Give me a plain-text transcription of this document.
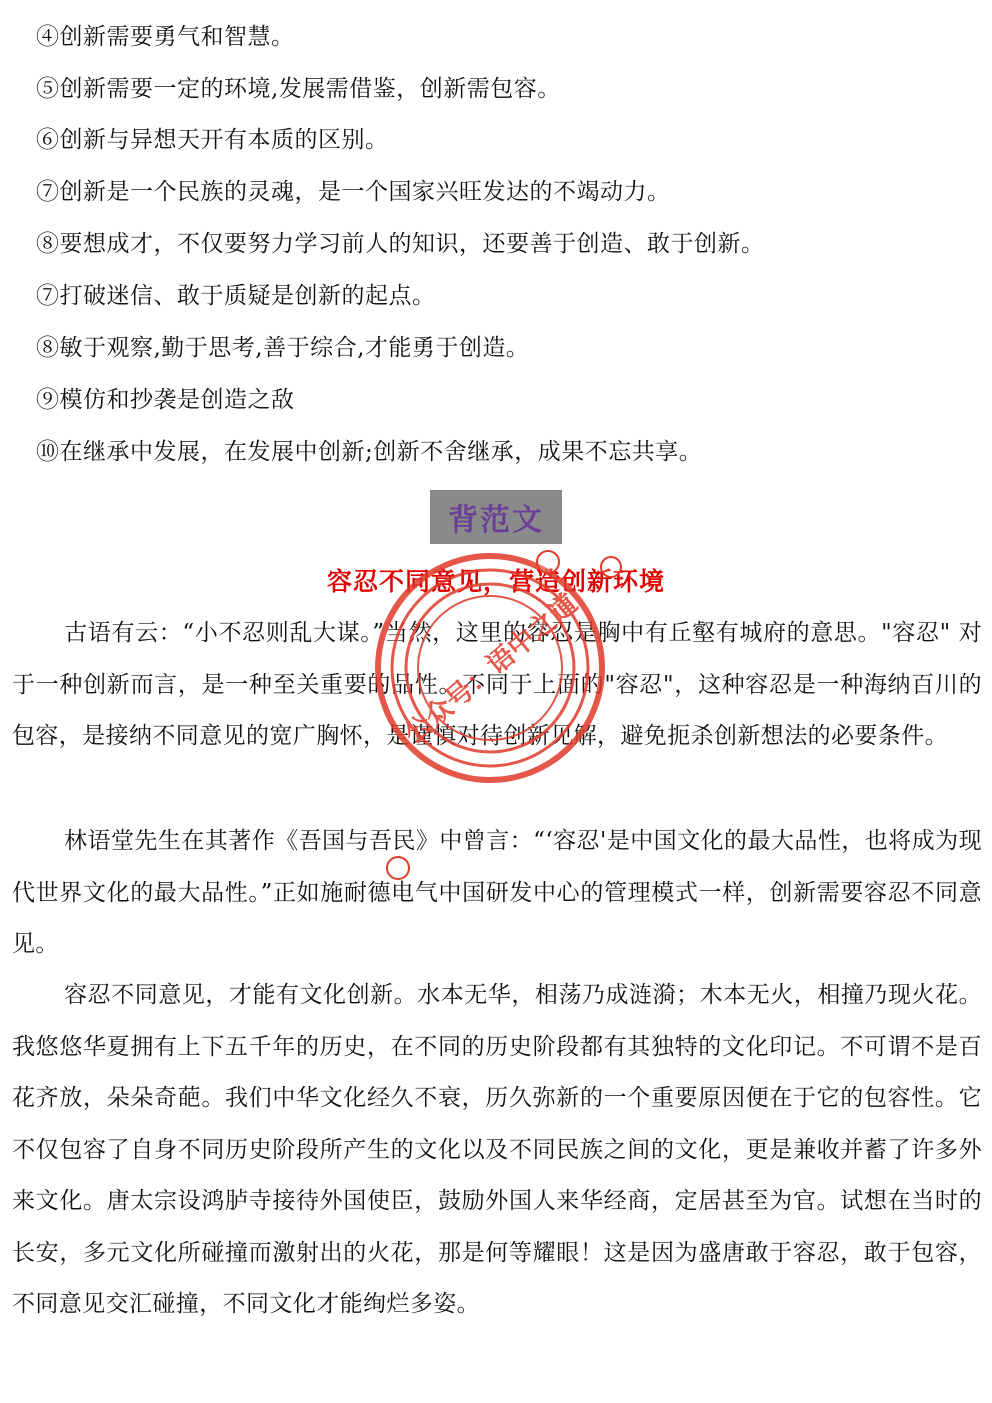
④创新需要勇气和智慧。
⑤创新需要一定的环境,发展需借鉴，创新需包容。
⑥创新与异想天开有本质的区别。
⑦创新是一个民族的灵魂，是一个国家兴旺发达的不竭动力。
⑧要想成才，不仅要努力学习前人的知识，还要善于创造、敢于创新。
⑦打破迷信、敢于质疑是创新的起点。
⑧敏于观察,勤于思考,善于综合,才能勇于创造。
⑨模仿和抄袭是创造之敌
⑩在继承中发展，在发展中创新;创新不舍继承，成果不忘共享。
背范文
容忍不同意见，营造创新环境
古语有云：“小不忍则乱大谋。”当然，这里的容忍是胸中有丘壑有城府的意思。"容忍" 对于一种创新而言，是一种至关重要的品性。不同于上面的"容忍"，这种容忍是一种海纳百川的包容，是接纳不同意见的宽广胸怀，是谨慎对待创新见解，避免扼杀创新想法的必要条件。
林语堂先生在其著作《吾国与吾民》中曾言：“‘容忍'是中国文化的最大品性，也将成为现代世界文化的最大品性。”正如施耐德电气中国研发中心的管理模式一样，创新需要容忍不同意见。
容忍不同意见，才能有文化创新。水本无华，相荡乃成涟漪；木本无火，相撞乃现火花。我悠悠华夏拥有上下五千年的历史，在不同的历史阶段都有其独特的文化印记。不可谓不是百花齐放，朵朵奇葩。我们中华文化经久不衰，历久弥新的一个重要原因便在于它的包容性。它不仅包容了自身不同历史阶段所产生的文化以及不同民族之间的文化，更是兼收并蓄了许多外来文化。唐太宗设鸿胪寺接待外国使臣，鼓励外国人来华经商，定居甚至为官。试想在当时的长安，多元文化所碰撞而激射出的火花，那是何等耀眼！这是因为盛唐敢于容忍，敢于包容，不同意见交汇碰撞，不同文化才能绚烂多姿。
公众号：语中之道
